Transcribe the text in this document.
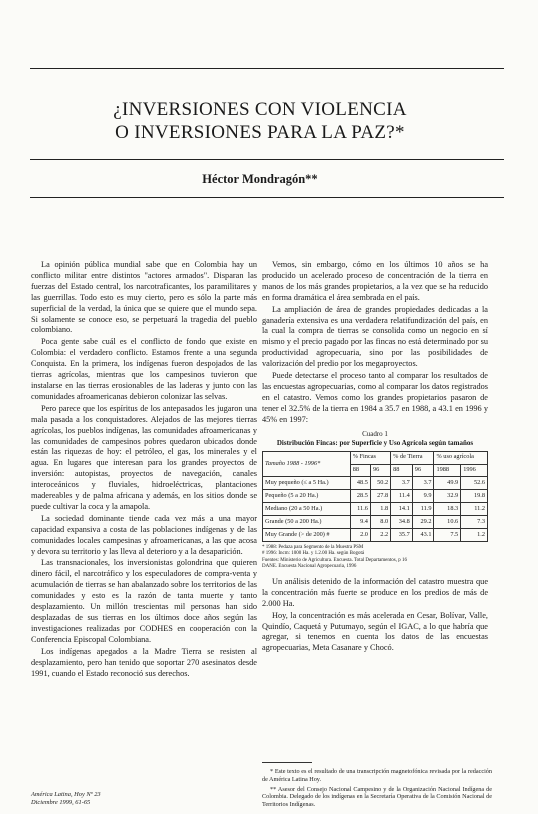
¿INVERSIONES CON VIOLENCIA
O INVERSIONES PARA LA PAZ?*

Héctor Mondragón**

La opinión pública mundial sabe que en Colombia hay un conflicto militar entre distintos "actores armados". Disparan las fuerzas del Estado central, los narcotraficantes, los paramilitares y las guerrillas. Todo esto es muy cierto, pero es sólo la parte más superficial de la verdad, la única que se quiere que el mundo sepa. Si solamente se conoce eso, se perpetuará la tragedia del pueblo colombiano.

Poca gente sabe cuál es el conflicto de fondo que existe en Colombia: el verdadero conflicto. Estamos frente a una segunda Conquista. En la primera, los indígenas fueron despojados de las tierras agrícolas, mientras que los campesinos tuvieron que instalarse en las tierras erosionables de las laderas y junto con las comunidades afroamericanas debieron colonizar las selvas.

Pero parece que los espíritus de los antepasados les jugaron una mala pasada a los conquistadores. Alejados de las mejores tierras agrícolas, los pueblos indígenas, las comunidades afroamericanas y las comunidades de campesinos pobres quedaron ubicados donde están las riquezas de hoy: el petróleo, el gas, los minerales y el agua. En lugares que interesan para los grandes proyectos de inversión: autopistas, proyectos de navegación, canales interoceánicos y fluviales, hidroeléctricas, plantaciones madereables y de palma africana y además, en los sitios donde se puede cultivar la coca y la amapola.

La sociedad dominante tiende cada vez más a una mayor capacidad expansiva a costa de las poblaciones indígenas y de las comunidades locales campesinas y afroamericanas, a las que acosa y devora su territorio y las lleva al deterioro y a la desaparición.

Las transnacionales, los inversionistas golondrina que quieren dinero fácil, el narcotráfico y los especuladores de compra-venta y acumulación de tierras se han abalanzado sobre los territorios de las comunidades y esto es la razón de tanta muerte y tanto desplazamiento. Un millón trescientas mil personas han sido desplazadas de sus tierras en los últimos doce años según las investigaciones realizadas por CODHES en cooperación con la Conferencia Episcopal Colombiana.

Los indígenas apegados a la Madre Tierra se resisten al desplazamiento, pero han tenido que soportar 270 asesinatos desde 1991, cuando el Estado reconoció sus derechos.

Vemos, sin embargo, cómo en los últimos 10 años se ha producido un acelerado proceso de concentración de la tierra en manos de los más grandes propietarios, a la vez que se ha reducido en forma dramática el área sembrada en el país.

La ampliación de área de grandes propiedades dedicadas a la ganadería extensiva es una verdadera relatifundización del país, en la cual la compra de tierras se consolida como un negocio en sí mismo y el precio pagado por las fincas no está determinado por su productividad agropecuaria, sino por las posibilidades de valorización del predio por los megaproyectos.

Puede detectarse el proceso tanto al comparar los resultados de las encuestas agropecuarias, como al comparar los datos registrados en el catastro. Vemos como los grandes propietarios pasaron de tener el 32.5% de la tierra en 1984 a 35.7 en 1988, a 43.1 en 1996 y 45% en 1997:

Cuadro 1
Distribución Fincas: por Superficie y Uso Agrícola según tamaños
Tamaño 1988 - 1996*	% Fincas		% de Tierra		% uso agrícola	
	88	96	88	96	1988	1996
Muy pequeño (≤ a 5 Ha.)	48.5	50.2	3.7	3.7	49.9	52.6
Pequeño (5 a 20 Ha.)	28.5	27.8	11.4	9.9	32.9	19.8
Mediano (20 a 50 Ha.)	11.6	1.8	14.1	11.9	18.3	11.2
Grande (50 a 200 Ha.)	9.4	8.0	34.8	29.2	10.6	7.3
Muy Grande (> de 200) #	2.0	2.2	35.7	43.1	7.5	1.2
* 1988: Pedaza para Segmento de la Muestra PSM
# 1996: Incm: 1000 Ha. y 1.2.00 Ha. según Bogotá
Fuentes: Ministerio de Agricultura. Encuesta. Total Departamentos, p 16
DANE. Encuesta Nacional Agropecuaria, 1996

Un análisis detenido de la información del catastro muestra que la concentración más fuerte se produce en los predios de más de 2.000 Ha.

Hoy, la concentración es más acelerada en Cesar, Bolívar, Valle, Quindío, Caquetá y Putumayo, según el IGAC, a lo que habría que agregar, si tenemos en cuenta los datos de las encuestas agropecuarias, Meta Casanare y Chocó.

* Este texto es el resultado de una transcripción magnetofónica revisada por la redacción de América Latina Hoy.

** Asesor del Consejo Nacional Campesino y de la Organización Nacional Indígena de Colombia. Delegado de los indígenas en la Secretaría Operativa de la Comisión Nacional de Territorios Indígenas.

América Latina, Hoy Nº 23
Diciembre 1999, 61-65
